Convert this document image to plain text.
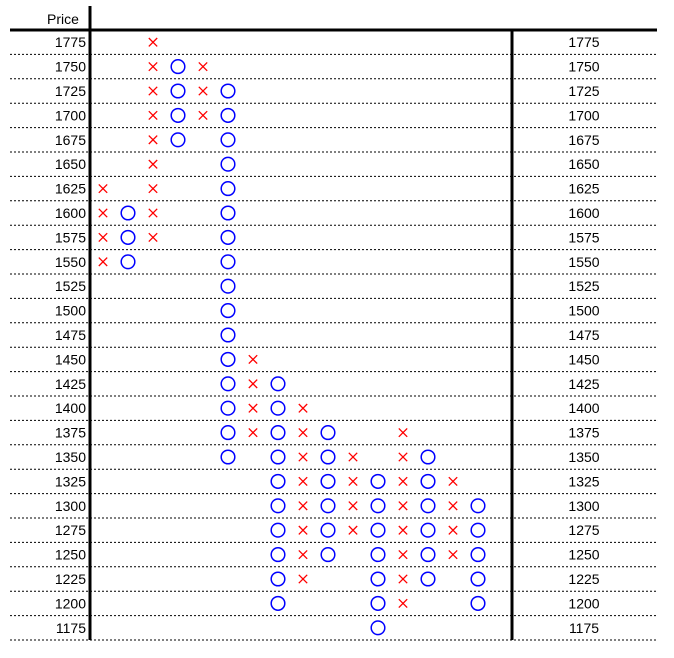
Price
1775
1750
1725
1700
1675
1650
1625
1600
1575
1550
1525
1500
1475
1450
1425
1400
1375
1350
1325
1300
1275
1250
1225
1200
1175
1775
1750
1725
1700
1675
1650
1625
1600
1575
1550
1525
1500
1475
1450
1425
1400
1375
1350
1325
1300
1275
1250
1225
1200
1175
